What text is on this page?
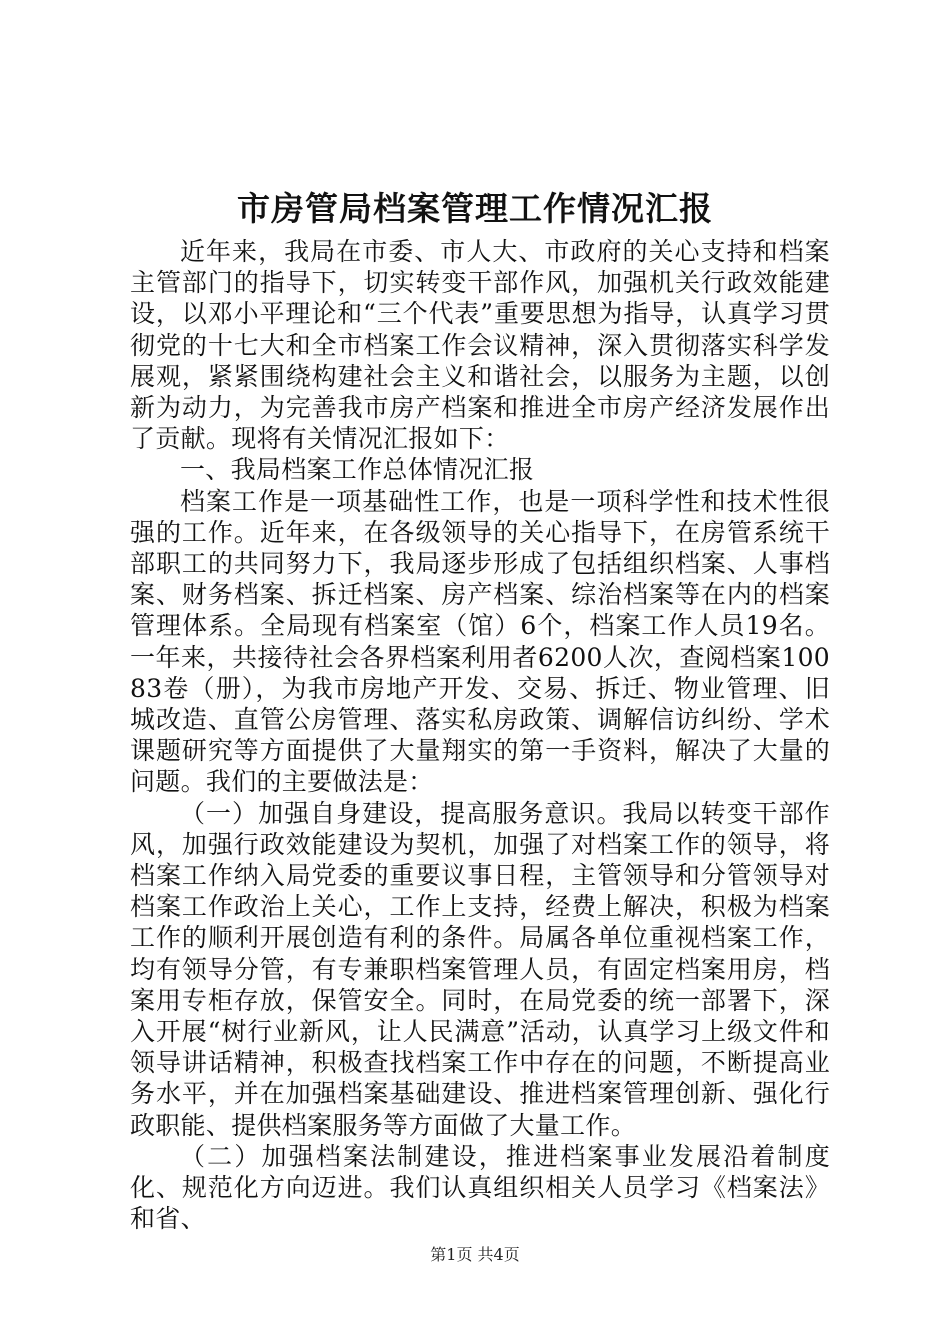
市房管局档案管理工作情况汇报

近年来，我局在市委、市人大、市政府的关心支持和档案主管部门的指导下，切实转变干部作风，加强机关行政效能建设，以邓小平理论和“三个代表”重要思想为指导，认真学习贯彻党的十七大和全市档案工作会议精神，深入贯彻落实科学发展观，紧紧围绕构建社会主义和谐社会，以服务为主题，以创新为动力，为完善我市房产档案和推进全市房产经济发展作出了贡献。现将有关情况汇报如下：

一、我局档案工作总体情况汇报

档案工作是一项基础性工作，也是一项科学性和技术性很强的工作。近年来，在各级领导的关心指导下，在房管系统干部职工的共同努力下，我局逐步形成了包括组织档案、人事档案、财务档案、拆迁档案、房产档案、综治档案等在内的档案管理体系。全局现有档案室（馆）6个，档案工作人员19名。一年来，共接待社会各界档案利用者6200人次，查阅档案10083卷（册），为我市房地产开发、交易、拆迁、物业管理、旧城改造、直管公房管理、落实私房政策、调解信访纠纷、学术课题研究等方面提供了大量翔实的第一手资料，解决了大量的问题。我们的主要做法是：

（一）加强自身建设，提高服务意识。我局以转变干部作风，加强行政效能建设为契机，加强了对档案工作的领导，将档案工作纳入局党委的重要议事日程，主管领导和分管领导对档案工作政治上关心，工作上支持，经费上解决，积极为档案工作的顺利开展创造有利的条件。局属各单位重视档案工作，均有领导分管，有专兼职档案管理人员，有固定档案用房，档案用专柜存放，保管安全。同时，在局党委的统一部署下，深入开展“树行业新风，让人民满意”活动，认真学习上级文件和领导讲话精神，积极查找档案工作中存在的问题，不断提高业务水平，并在加强档案基础建设、推进档案管理创新、强化行政职能、提供档案服务等方面做了大量工作。

（二）加强档案法制建设，推进档案事业发展沿着制度化、规范化方向迈进。我们认真组织相关人员学习《档案法》和省、

第1页 共4页
